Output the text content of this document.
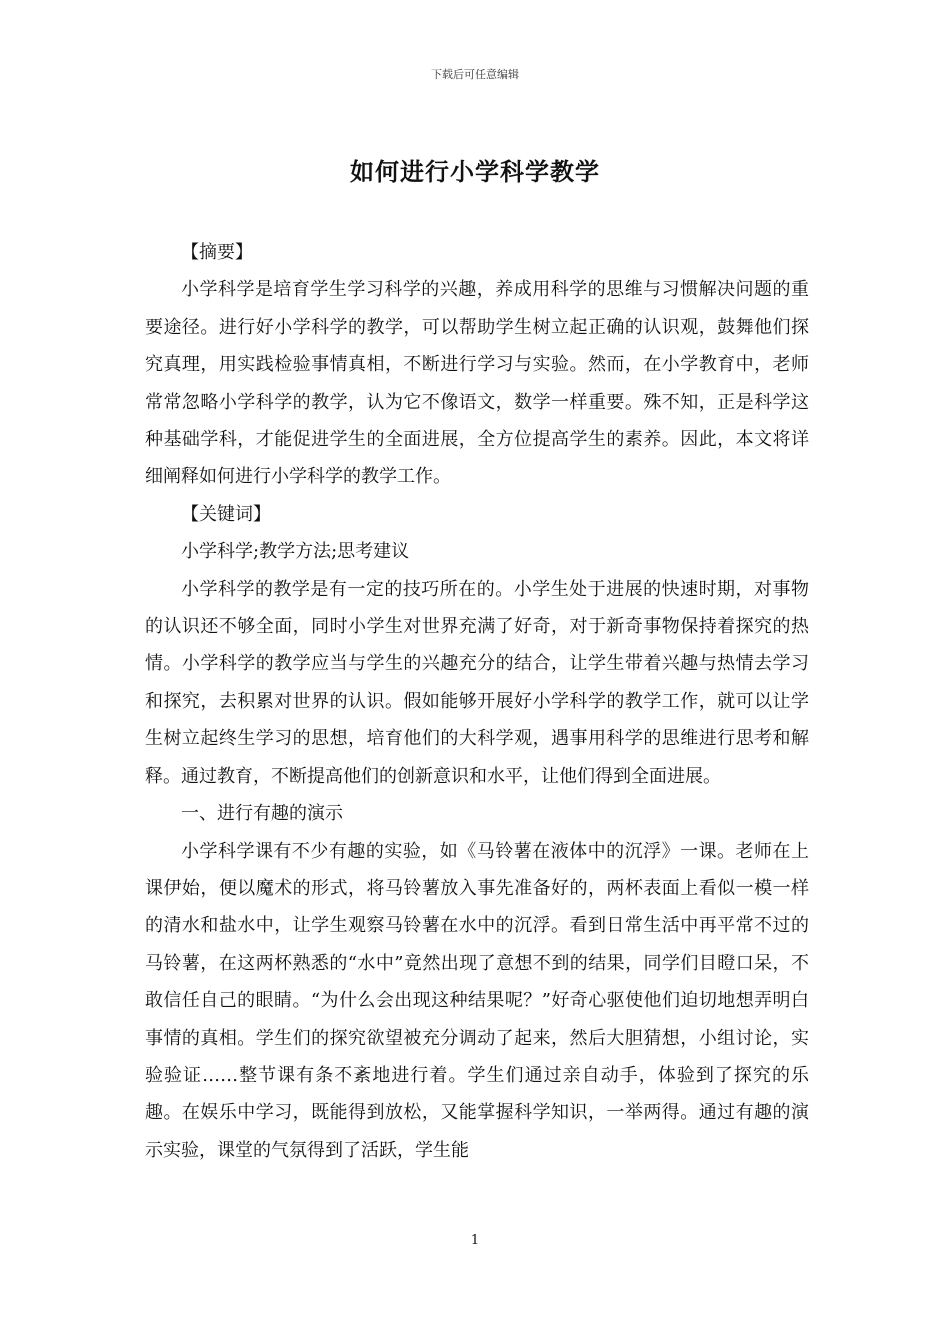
下载后可任意编辑
如何进行小学科学教学

【摘要】

小学科学是培育学生学习科学的兴趣，养成用科学的思维与习惯解决问题的重要途径。进行好小学科学的教学，可以帮助学生树立起正确的认识观，鼓舞他们探究真理，用实践检验事情真相，不断进行学习与实验。然而，在小学教育中，老师常常忽略小学科学的教学，认为它不像语文，数学一样重要。殊不知，正是科学这种基础学科，才能促进学生的全面进展，全方位提高学生的素养。因此，本文将详细阐释如何进行小学科学的教学工作。

【关键词】

小学科学;教学方法;思考建议

小学科学的教学是有一定的技巧所在的。小学生处于进展的快速时期，对事物的认识还不够全面，同时小学生对世界充满了好奇，对于新奇事物保持着探究的热情。小学科学的教学应当与学生的兴趣充分的结合，让学生带着兴趣与热情去学习和探究，去积累对世界的认识。假如能够开展好小学科学的教学工作，就可以让学生树立起终生学习的思想，培育他们的大科学观，遇事用科学的思维进行思考和解释。通过教育，不断提高他们的创新意识和水平，让他们得到全面进展。

一、进行有趣的演示

小学科学课有不少有趣的实验，如《马铃薯在液体中的沉浮》一课。老师在上课伊始，便以魔术的形式，将马铃薯放入事先准备好的，两杯表面上看似一模一样的清水和盐水中，让学生观察马铃薯在水中的沉浮。看到日常生活中再平常不过的马铃薯，在这两杯熟悉的“水中”竟然出现了意想不到的结果，同学们目瞪口呆，不敢信任自己的眼睛。“为什么会出现这种结果呢？”好奇心驱使他们迫切地想弄明白事情的真相。学生们的探究欲望被充分调动了起来，然后大胆猜想，小组讨论，实验验证……整节课有条不紊地进行着。学生们通过亲自动手，体验到了探究的乐趣。在娱乐中学习，既能得到放松，又能掌握科学知识，一举两得。通过有趣的演示实验，课堂的气氛得到了活跃，学生能

1
